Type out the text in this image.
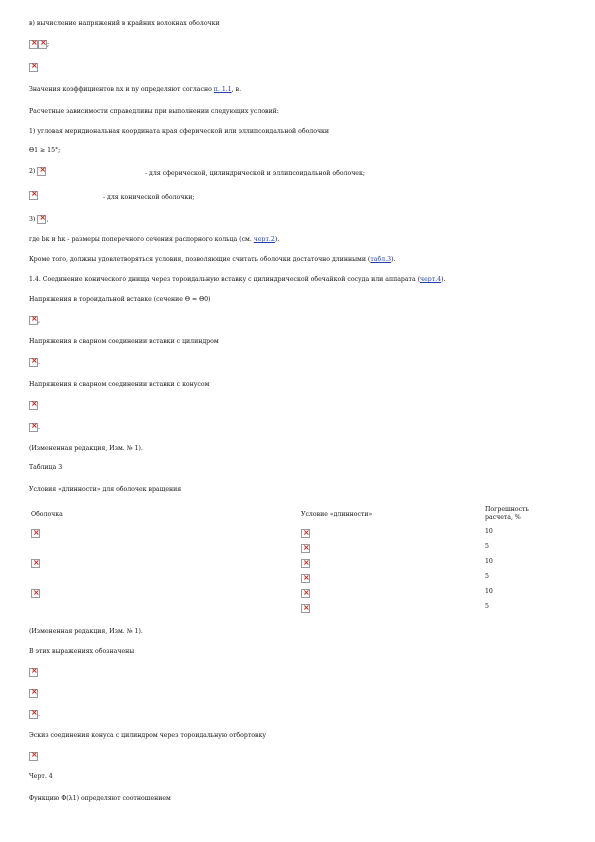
в) вычисление напряжений в крайних волокнах оболочки
××;
×
Значения коэффициентов nx и ny определяют согласно п. 1.1, в.
Расчетные зависимости справедливы при выполнении следующих условий:
1) угловая меридиональная координата края сферической или эллипсоидальной оболочки
Θ1 ≥ 15°;
2) ×	- для сферической, цилиндрической и эллипсоидальной оболочек;
×
- для конической оболочки;
3) × ,
где bк и hк - размеры поперечного сечения распорного кольца (см. черт.2).
Кроме того, должны удовлетворяться условия, позволяющие считать оболочки достаточно длинными (табл.3).
1.4. Соединение конического днища через тороидальную вставку с цилиндрической обечайкой сосуда или аппарата (черт.4).
Напряжения в тороидальной вставке (сечение Θ = Θ0)
×,
Напряжения в сварном соединении вставки с цилиндром
×.
Напряжения в сварном соединении вставки с конусом
×
×.
(Измененная редакция, Изм. № 1).
Таблица 3
Условия «длинности» для оболочек вращения
Оболочка	Условие «длинности»
Погрешность расчета, %
×
×
×
×
×
×
×
×
×
10
5
10
5
10
5
(Измененная редакция, Изм. № 1).
В этих выражениях обозначены
×
×
×.
Эскиз соединения конуса с цилиндром через тороидальную отбортовку
×
Черт. 4
Функцию Φ(λ1) определяют соотношением
